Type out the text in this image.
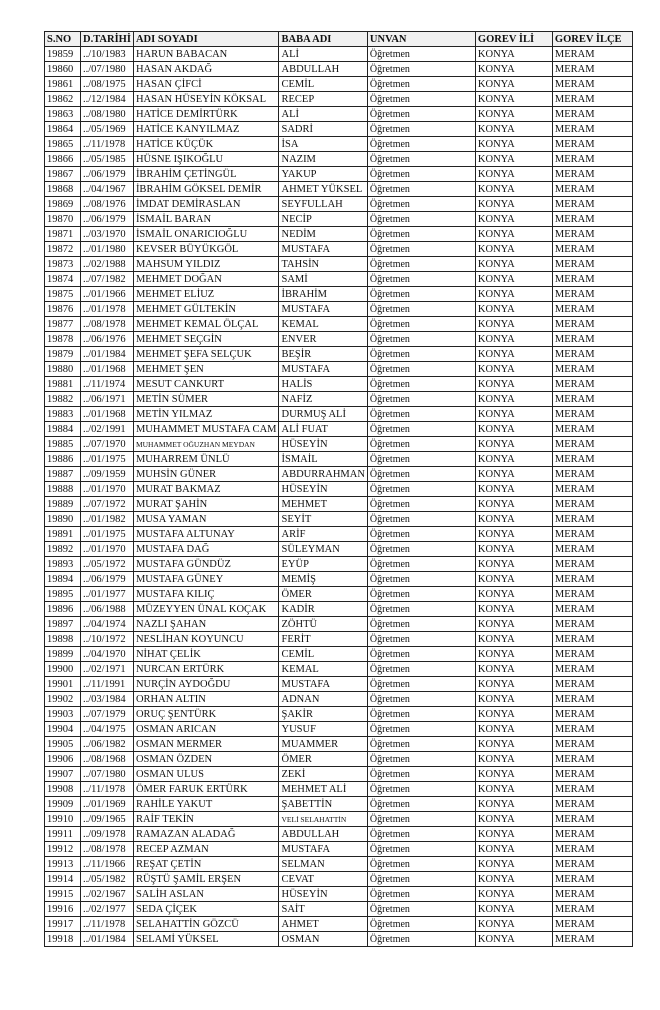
S.NO	D.TARİHİ	ADI SOYADI	BABA ADI	UNVAN	GOREV İLİ	GOREV İLÇE
19859	../10/1983	HARUN BABACAN	ALİ	Öğretmen	KONYA	MERAM
19860	../07/1980	HASAN AKDAĞ	ABDULLAH	Öğretmen	KONYA	MERAM
19861	../08/1975	HASAN ÇİFCİ	CEMİL	Öğretmen	KONYA	MERAM
19862	../12/1984	HASAN HÜSEYİN KÖKSAL	RECEP	Öğretmen	KONYA	MERAM
19863	../08/1980	HATİCE DEMİRTÜRK	ALİ	Öğretmen	KONYA	MERAM
19864	../05/1969	HATİCE KANYILMAZ	SADRİ	Öğretmen	KONYA	MERAM
19865	../11/1978	HATİCE KÜÇÜK	İSA	Öğretmen	KONYA	MERAM
19866	../05/1985	HÜSNE IŞIKOĞLU	NAZIM	Öğretmen	KONYA	MERAM
19867	../06/1979	İBRAHİM ÇETİNGÜL	YAKUP	Öğretmen	KONYA	MERAM
19868	../04/1967	İBRAHİM GÖKSEL DEMİR	AHMET YÜKSEL	Öğretmen	KONYA	MERAM
19869	../08/1976	İMDAT DEMİRASLAN	SEYFULLAH	Öğretmen	KONYA	MERAM
19870	../06/1979	İSMAİL BARAN	NECİP	Öğretmen	KONYA	MERAM
19871	../03/1970	İSMAİL ONARICIOĞLU	NEDİM	Öğretmen	KONYA	MERAM
19872	../01/1980	KEVSER BÜYÜKGÖL	MUSTAFA	Öğretmen	KONYA	MERAM
19873	../02/1988	MAHSUM YILDIZ	TAHSİN	Öğretmen	KONYA	MERAM
19874	../07/1982	MEHMET DOĞAN	SAMİ	Öğretmen	KONYA	MERAM
19875	../01/1966	MEHMET ELİUZ	İBRAHİM	Öğretmen	KONYA	MERAM
19876	../01/1978	MEHMET GÜLTEKİN	MUSTAFA	Öğretmen	KONYA	MERAM
19877	../08/1978	MEHMET KEMAL ÖLÇAL	KEMAL	Öğretmen	KONYA	MERAM
19878	../06/1976	MEHMET SEÇGİN	ENVER	Öğretmen	KONYA	MERAM
19879	../01/1984	MEHMET ŞEFA SELÇUK	BEŞİR	Öğretmen	KONYA	MERAM
19880	../01/1968	MEHMET ŞEN	MUSTAFA	Öğretmen	KONYA	MERAM
19881	../11/1974	MESUT CANKURT	HALİS	Öğretmen	KONYA	MERAM
19882	../06/1971	METİN SÜMER	NAFİZ	Öğretmen	KONYA	MERAM
19883	../01/1968	METİN YILMAZ	DURMUŞ ALİ	Öğretmen	KONYA	MERAM
19884	../02/1991	MUHAMMET MUSTAFA CAM	ALİ FUAT	Öğretmen	KONYA	MERAM
19885	../07/1970	MUHAMMET OĞUZHAN MEYDAN	HÜSEYİN	Öğretmen	KONYA	MERAM
19886	../01/1975	MUHARREM ÜNLÜ	İSMAİL	Öğretmen	KONYA	MERAM
19887	../09/1959	MUHSİN GÜNER	ABDURRAHMAN	Öğretmen	KONYA	MERAM
19888	../01/1970	MURAT BAKMAZ	HÜSEYİN	Öğretmen	KONYA	MERAM
19889	../07/1972	MURAT ŞAHİN	MEHMET	Öğretmen	KONYA	MERAM
19890	../01/1982	MUSA YAMAN	SEYİT	Öğretmen	KONYA	MERAM
19891	../01/1975	MUSTAFA ALTUNAY	ARİF	Öğretmen	KONYA	MERAM
19892	../01/1970	MUSTAFA DAĞ	SÜLEYMAN	Öğretmen	KONYA	MERAM
19893	../05/1972	MUSTAFA GÜNDÜZ	EYÜP	Öğretmen	KONYA	MERAM
19894	../06/1979	MUSTAFA GÜNEY	MEMİŞ	Öğretmen	KONYA	MERAM
19895	../01/1977	MUSTAFA KILIÇ	ÖMER	Öğretmen	KONYA	MERAM
19896	../06/1988	MÜZEYYEN ÜNAL KOÇAK	KADİR	Öğretmen	KONYA	MERAM
19897	../04/1974	NAZLI ŞAHAN	ZÖHTÜ	Öğretmen	KONYA	MERAM
19898	../10/1972	NESLİHAN KOYUNCU	FERİT	Öğretmen	KONYA	MERAM
19899	../04/1970	NİHAT ÇELİK	CEMİL	Öğretmen	KONYA	MERAM
19900	../02/1971	NURCAN ERTÜRK	KEMAL	Öğretmen	KONYA	MERAM
19901	../11/1991	NURÇİN AYDOĞDU	MUSTAFA	Öğretmen	KONYA	MERAM
19902	../03/1984	ORHAN ALTIN	ADNAN	Öğretmen	KONYA	MERAM
19903	../07/1979	ORUÇ ŞENTÜRK	ŞAKİR	Öğretmen	KONYA	MERAM
19904	../04/1975	OSMAN ARICAN	YUSUF	Öğretmen	KONYA	MERAM
19905	../06/1982	OSMAN MERMER	MUAMMER	Öğretmen	KONYA	MERAM
19906	../08/1968	OSMAN ÖZDEN	ÖMER	Öğretmen	KONYA	MERAM
19907	../07/1980	OSMAN ULUS	ZEKİ	Öğretmen	KONYA	MERAM
19908	../11/1978	ÖMER FARUK ERTÜRK	MEHMET ALİ	Öğretmen	KONYA	MERAM
19909	../01/1969	RAHİLE YAKUT	ŞABETTİN	Öğretmen	KONYA	MERAM
19910	../09/1965	RAİF TEKİN	VELİ SELAHATTİN	Öğretmen	KONYA	MERAM
19911	../09/1978	RAMAZAN ALADAĞ	ABDULLAH	Öğretmen	KONYA	MERAM
19912	../08/1978	RECEP AZMAN	MUSTAFA	Öğretmen	KONYA	MERAM
19913	../11/1966	REŞAT ÇETİN	SELMAN	Öğretmen	KONYA	MERAM
19914	../05/1982	RÜŞTÜ ŞAMİL ERŞEN	CEVAT	Öğretmen	KONYA	MERAM
19915	../02/1967	SALİH ASLAN	HÜSEYİN	Öğretmen	KONYA	MERAM
19916	../02/1977	SEDA ÇİÇEK	SAİT	Öğretmen	KONYA	MERAM
19917	../11/1978	SELAHATTİN GÖZCÜ	AHMET	Öğretmen	KONYA	MERAM
19918	../01/1984	SELAMİ YÜKSEL	OSMAN	Öğretmen	KONYA	MERAM
